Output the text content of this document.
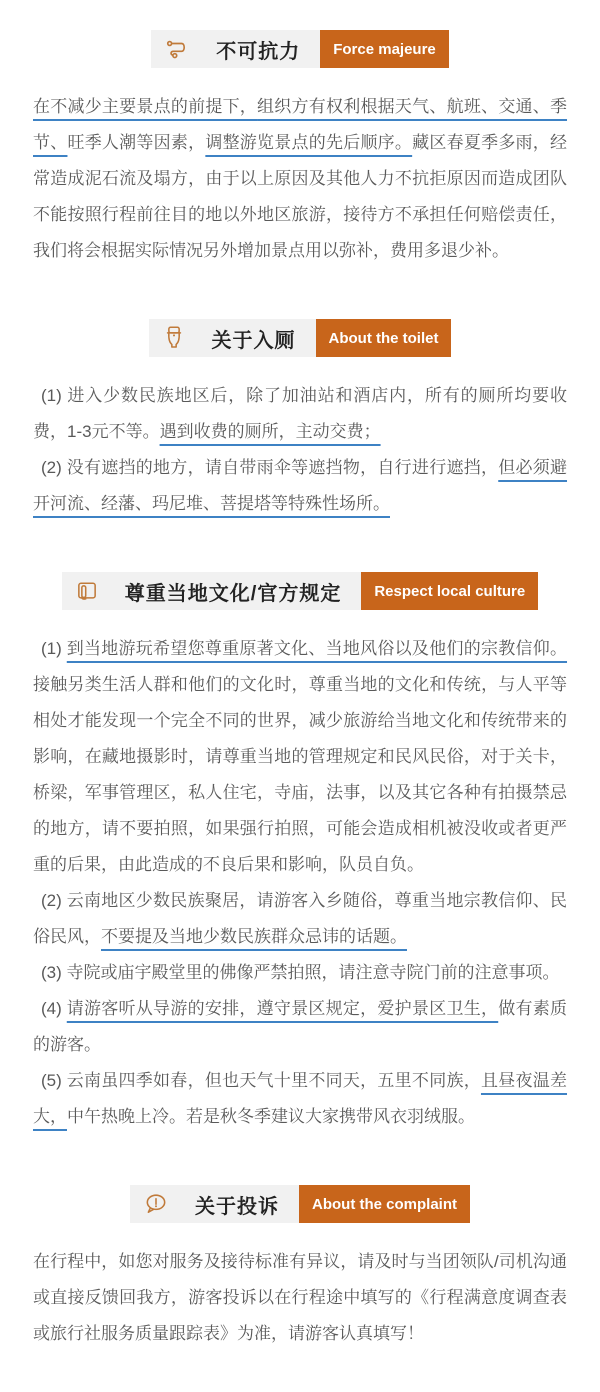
不可抗力	Force majeure

在不减少主要景点的前提下，组织方有权利根据天气、航班、交通、季节、旺季人潮等因素，调整游览景点的先后顺序。藏区春夏季多雨，经常造成泥石流及塌方，由于以上原因及其他人力不抗拒原因而造成团队不能按照行程前往目的地以外地区旅游，接待方不承担任何赔偿责任，我们将会根据实际情况另外增加景点用以弥补，费用多退少补。

关于入厕	About the toilet

(1) 进入少数民族地区后，除了加油站和酒店内，所有的厕所均要收费，1-3元不等。遇到收费的厕所，主动交费；

(2) 没有遮挡的地方，请自带雨伞等遮挡物，自行进行遮挡，但必须避开河流、经藩、玛尼堆、菩提塔等特殊性场所。

尊重当地文化/官方规定	Respect local culture

(1) 到当地游玩希望您尊重原著文化、当地风俗以及他们的宗教信仰。接触另类生活人群和他们的文化时，尊重当地的文化和传统，与人平等相处才能发现一个完全不同的世界，减少旅游给当地文化和传统带来的影响，在藏地摄影时，请尊重当地的管理规定和民风民俗，对于关卡，桥梁，军事管理区，私人住宅，寺庙，法事，以及其它各种有拍摄禁忌的地方，请不要拍照，如果强行拍照，可能会造成相机被没收或者更严重的后果，由此造成的不良后果和影响，队员自负。

(2) 云南地区少数民族聚居，请游客入乡随俗，尊重当地宗教信仰、民俗民风，不要提及当地少数民族群众忌讳的话题。

(3) 寺院或庙宇殿堂里的佛像严禁拍照，请注意寺院门前的注意事项。

(4) 请游客听从导游的安排，遵守景区规定，爱护景区卫生，做有素质的游客。

(5) 云南虽四季如春，但也天气十里不同天，五里不同族，且昼夜温差大，中午热晚上冷。若是秋冬季建议大家携带风衣羽绒服。

关于投诉	About the complaint

在行程中，如您对服务及接待标准有异议，请及时与当团领队/司机沟通或直接反馈回我方，游客投诉以在行程途中填写的《行程满意度调查表或旅行社服务质量跟踪表》为准，请游客认真填写！
